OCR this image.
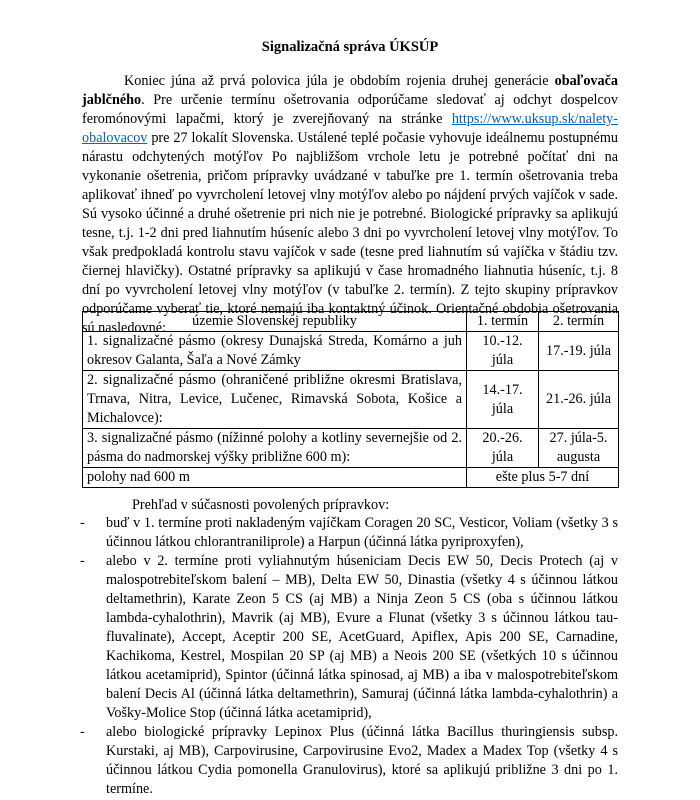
Signalizačná správa ÚKSÚP

Koniec júna až prvá polovica júla je obdobím rojenia druhej generácie obaľovača jablčného. Pre určenie termínu ošetrovania odporúčame sledovať aj odchyt dospelcov feromónovými lapačmi, ktorý je zverejňovaný na stránke https://www.uksup.sk/nalety-obalovacov pre 27 lokalít Slovenska. Ustálené teplé počasie vyhovuje ideálnemu postupnému nárastu odchytených motýľov Po najbližšom vrchole letu je potrebné počítať dni na vykonanie ošetrenia, pričom prípravky uvádzané v tabuľke pre 1. termín ošetrovania treba aplikovať ihneď po vyvrcholení letovej vlny motýľov alebo po nájdení prvých vajíčok v sade. Sú vysoko účinné a druhé ošetrenie pri nich nie je potrebné. Biologické prípravky sa aplikujú tesne, t.j. 1-2 dni pred liahnutím húseníc alebo 3 dni po vyvrcholení letovej vlny motýľov. To však predpokladá kontrolu stavu vajíčok v sade (tesne pred liahnutím sú vajíčka v štádiu tzv. čiernej hlavičky). Ostatné prípravky sa aplikujú v čase hromadného liahnutia húseníc, t.j. 8 dní po vyvrcholení letovej vlny motýľov (v tabuľke 2. termín). Z tejto skupiny prípravkov odporúčame vyberať tie, ktoré nemajú iba kontaktný účinok. Orientačné obdobia ošetrovania sú nasledovné:	územie Slovenskej republiky	1. termín	2. termín
1. signalizačné pásmo (okresy Dunajská Streda, Komárno a juh okresov Galanta, Šaľa a Nové Zámky	10.-12. júla	17.-19. júla
2. signalizačné pásmo (ohraničené približne okresmi Bratislava, Trnava, Nitra, Levice, Lučenec, Rimavská Sobota, Košice a Michalovce):	14.-17. júla	21.-26. júla
3. signalizačné pásmo (nížinné polohy a kotliny severnejšie od 2. pásma do nadmorskej výšky približne 600 m):	20.-26. júla	27. júla-5. augusta
polohy nad 600 m	ešte plus 5-7 dní	

Prehľad v súčasnosti povolených prípravkov:

- buď v 1. termíne proti nakladeným vajíčkam Coragen 20 SC, Vesticor, Voliam (všetky 3 s účinnou látkou chlorantraniliprole) a Harpun (účinná látka pyriproxyfen),
- alebo v 2. termíne proti vyliahnutým húseniciam Decis EW 50, Decis Protech (aj v malospotrebiteľskom balení – MB), Delta EW 50, Dinastia (všetky 4 s účinnou látkou deltamethrin), Karate Zeon 5 CS (aj MB) a Ninja Zeon 5 CS (oba s účinnou látkou lambda-cyhalothrin), Mavrik (aj MB), Evure a Flunat (všetky 3 s účinnou látkou tau-fluvalinate), Accept, Aceptir 200 SE, AcetGuard, Apiflex, Apis 200 SE, Carnadine, Kachikoma, Kestrel, Mospilan 20 SP (aj MB) a Neois 200 SE (všetkých 10 s účinnou látkou acetamiprid), Spintor (účinná látka spinosad, aj MB) a iba v malospotrebiteľskom balení Decis Al (účinná látka deltamethrin), Samuraj (účinná látka lambda-cyhalothrin) a Vošky-Molice Stop (účinná látka acetamiprid),
- alebo biologické prípravky Lepinox Plus (účinná látka Bacillus thuringiensis subsp. Kurstaki, aj MB), Carpovirusine, Carpovirusine Evo2, Madex a Madex Top (všetky 4 s účinnou látkou Cydia pomonella Granulovirus), ktoré sa aplikujú približne 3 dni po 1. termíne.
